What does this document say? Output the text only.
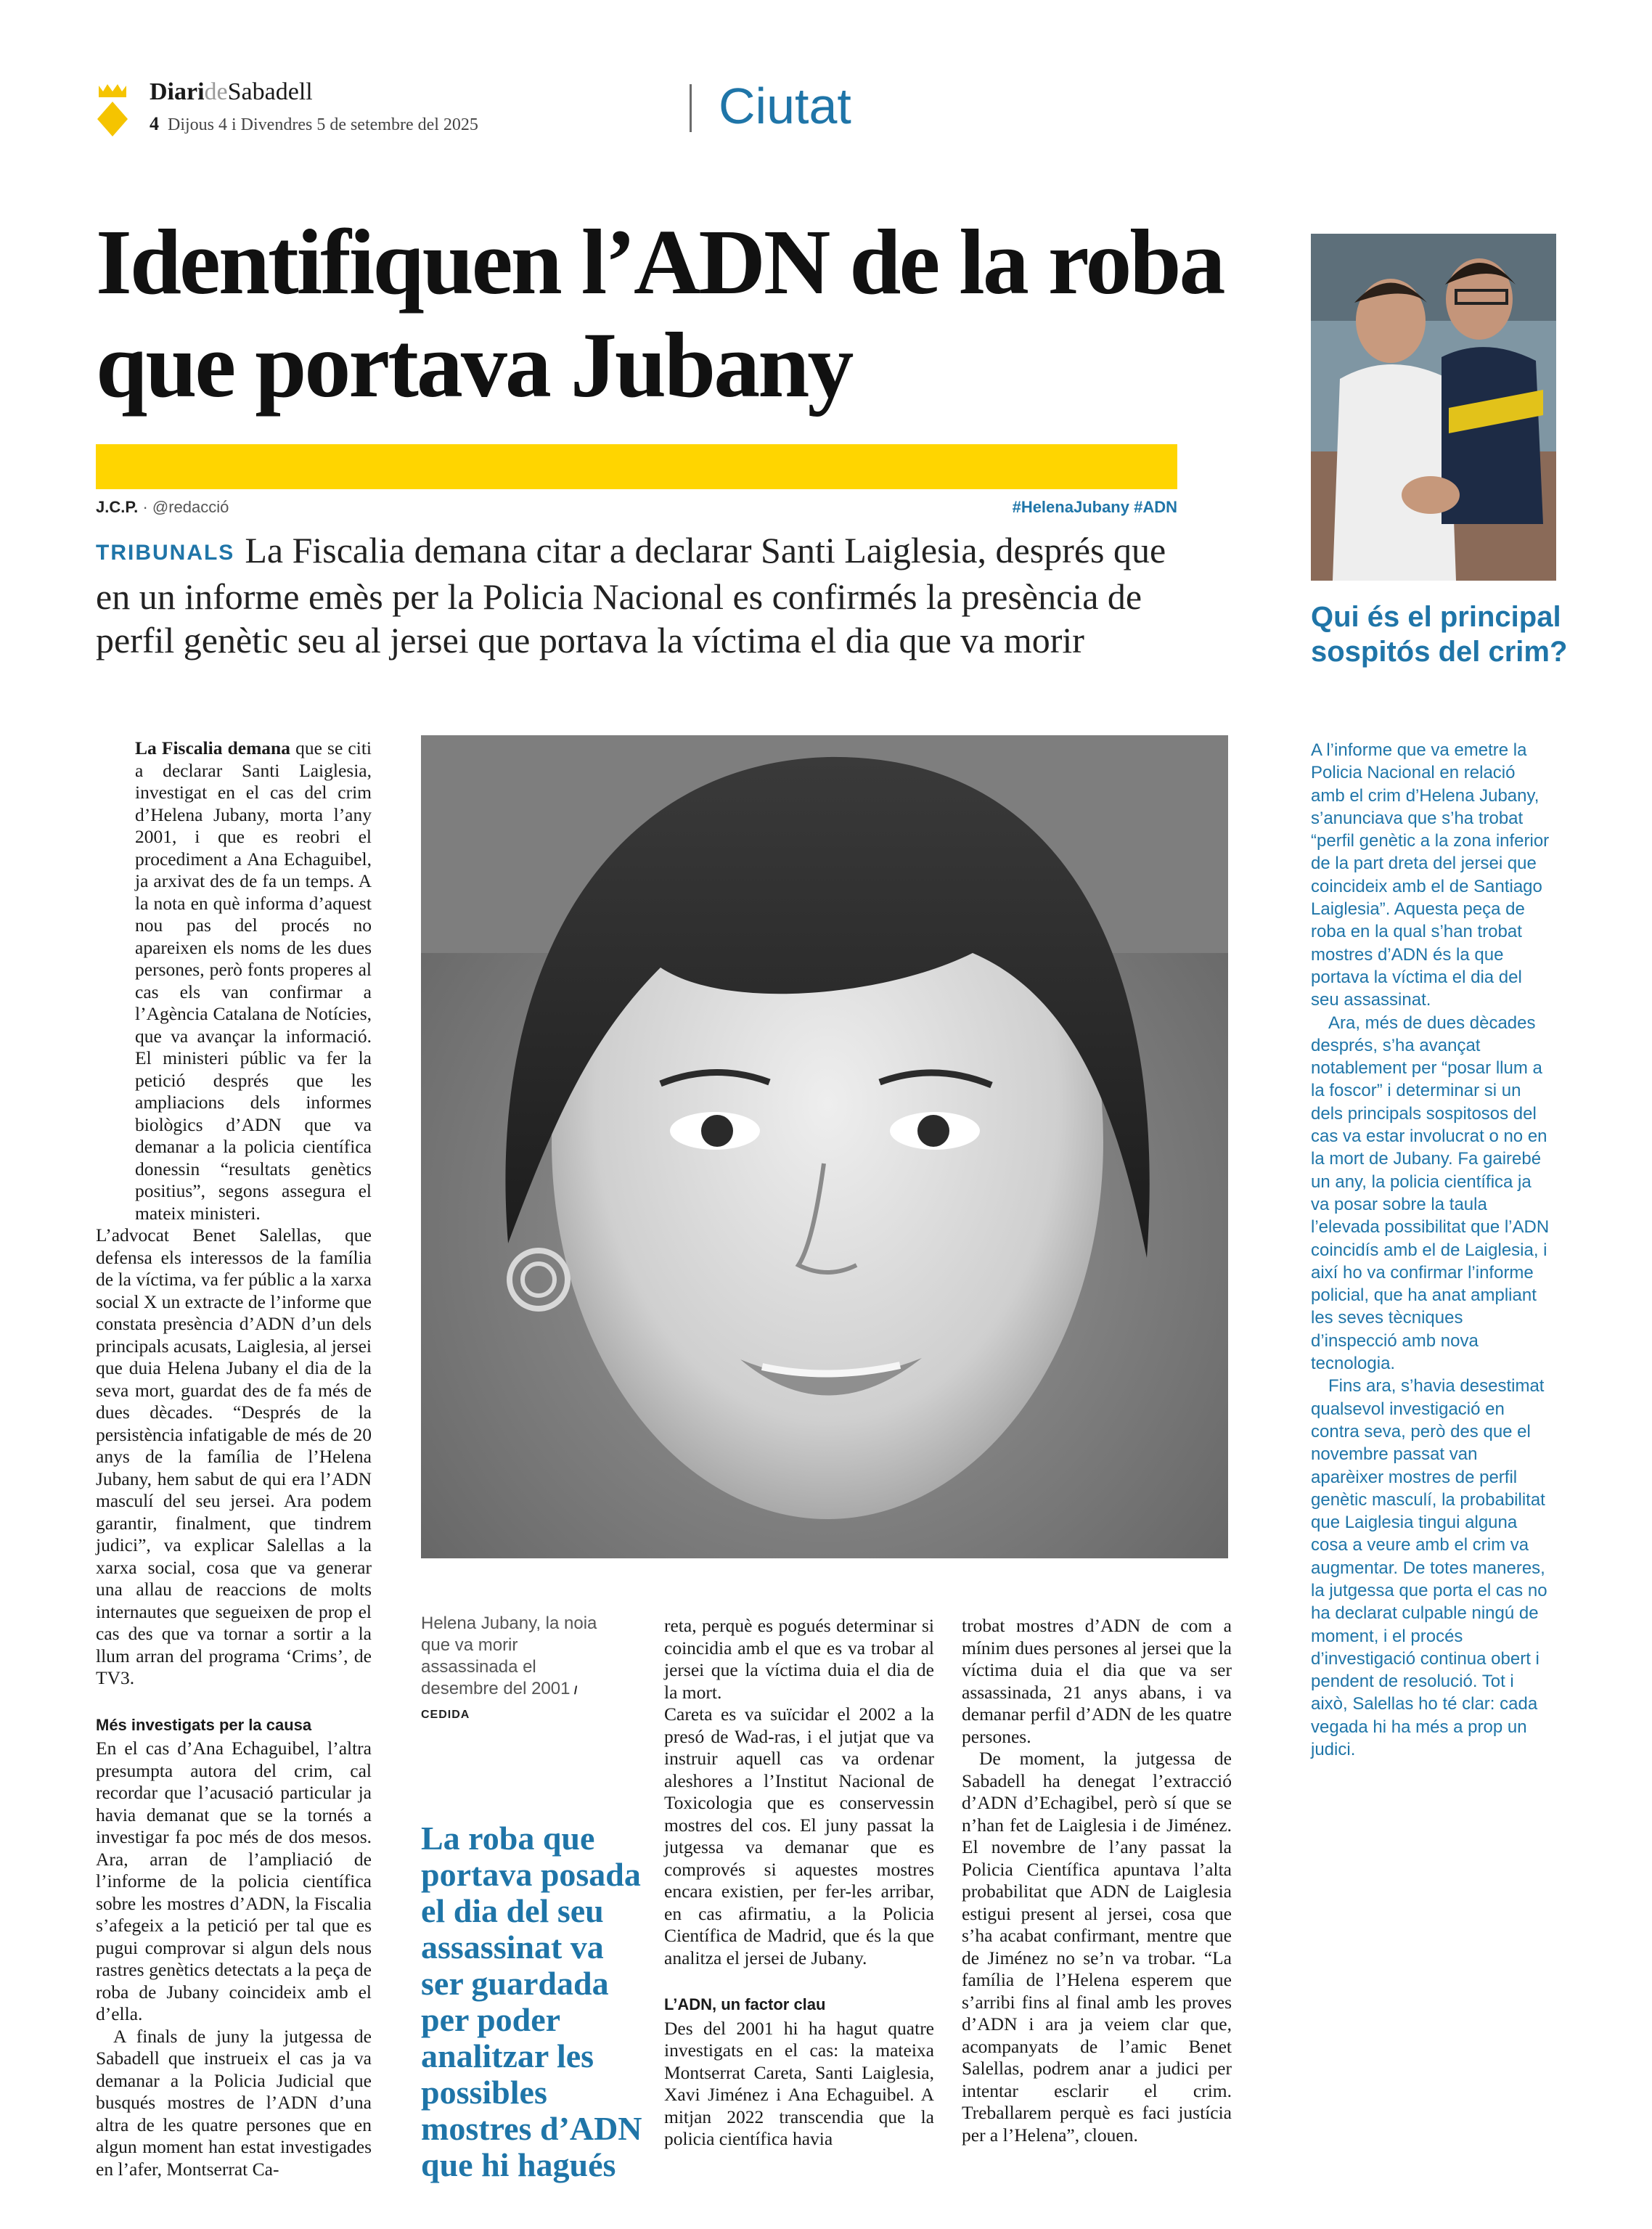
DiarideSabadell
4 Dijous 4 i Divendres 5 de setembre del 2025	Ciutat
Identifiquen l’ADN de la roba que portava Jubany
J.C.P. · @redacció	#HelenaJubany #ADN
TRIBUNALS La Fiscalia demana citar a declarar Santi Laiglesia, després que en un informe emès per la Policia Nacional es confirmés la presència de perfil genètic seu al jersei que portava la víctima el dia que va morir

La Fiscalia demana que se citi a declarar Santi Laiglesia, investigat en el cas del crim d’Helena Jubany, morta l’any 2001, i que es reobri el procediment a Ana Echaguibel, ja arxivat des de fa un temps. A la nota en què informa d’aquest nou pas del procés no apareixen els noms de les dues persones, però fonts properes al cas els van confirmar a l’Agència Catalana de Notícies, que va avançar la informació. El ministeri públic va fer la petició després que les ampliacions dels informes biològics d’ADN que va demanar a la policia científica donessin “resultats genètics positius”, segons assegura el mateix ministeri.

L’advocat Benet Salellas, que defensa els interessos de la família de la víctima, va fer públic a la xarxa social X un extracte de l’informe que constata presència d’ADN d’un dels principals acusats, Laiglesia, al jersei que duia Helena Jubany el dia de la seva mort, guardat des de fa més de dues dècades. “Després de la persistència infatigable de més de 20 anys de la família de l’Helena Jubany, hem sabut de qui era l’ADN masculí del seu jersei. Ara podem garantir, finalment, que tindrem judici”, va explicar Salellas a la xarxa social, cosa que va generar una allau de reaccions de molts internautes que segueixen de prop el cas des que va tornar a sortir a la llum arran del programa ‘Crims’, de TV3.

Més investigats per la causa

En el cas d’Ana Echaguibel, l’altra presumpta autora del crim, cal recordar que l’acusació particular ja havia demanat que se la tornés a investigar fa poc més de dos mesos. Ara, arran de l’ampliació de l’informe de la policia científica sobre les mostres d’ADN, la Fiscalia s’afegeix a la petició per tal que es pugui comprovar si algun dels nous rastres genètics detectats a la peça de roba de Jubany coincideix amb el d’ella.

A finals de juny la jutgessa de Sabadell que instrueix el cas ja va demanar a la Policia Judicial que busqués mostres de l’ADN d’una altra de les quatre persones que en algun moment han estat investigades en l’afer, Montserrat Ca-

Helena Jubany, la noia que va morir assassinada el desembre del 2001 / CEDIDA
La roba que portava posada el dia del seu assassinat va ser guardada per poder analitzar les possibles mostres d’ADN que hi hagués

reta, perquè es pogués determinar si coincidia amb el que es va trobar al jersei que la víctima duia el dia de la mort.

Careta es va suïcidar el 2002 a la presó de Wad-ras, i el jutjat que va instruir aquell cas va ordenar aleshores a l’Institut Nacional de Toxicologia que es conservessin mostres del cos. El juny passat la jutgessa va demanar que es comprovés si aquestes mostres encara existien, per fer-les arribar, en cas afirmatiu, a la Policia Científica de Madrid, que és la que analitza el jersei de Jubany.

L’ADN, un factor clau

Des del 2001 hi ha hagut quatre investigats en el cas: la mateixa Montserrat Careta, Santi Laiglesia, Xavi Jiménez i Ana Echaguibel. A mitjan 2022 transcendia que la policia científica havia

trobat mostres d’ADN de com a mínim dues persones al jersei que la víctima duia el dia que va ser assassinada, 21 anys abans, i va demanar perfil d’ADN de les quatre persones.

De moment, la jutgessa de Sabadell ha denegat l’extracció d’ADN d’Echagibel, però sí que se n’han fet de Laiglesia i de Jiménez. El novembre de l’any passat la Policia Científica apuntava l’alta probabilitat que ADN de Laiglesia estigui present al jersei, cosa que s’ha acabat confirmant, mentre que de Jiménez no se’n va trobar. “La família de l’Helena esperem que s’arribi fins al final amb les proves d’ADN i ara ja veiem clar que, acompanyats de l’amic Benet Salellas, podrem anar a judici per intentar esclarir el crim. Treballarem perquè es faci justícia per a l’Helena”, clouen.

Qui és el principal sospitós del crim?

A l’informe que va emetre la Policia Nacional en relació amb el crim d’Helena Jubany, s’anunciava que s’ha trobat “perfil genètic a la zona inferior de la part dreta del jersei que coincideix amb el de Santiago Laiglesia”. Aquesta peça de roba en la qual s’han trobat mostres d’ADN és la que portava la víctima el dia del seu assassinat.

Ara, més de dues dècades després, s’ha avançat notablement per “posar llum a la foscor” i determinar si un dels principals sospitosos del cas va estar involucrat o no en la mort de Jubany. Fa gairebé un any, la policia científica ja va posar sobre la taula l’elevada possibilitat que l’ADN coincidís amb el de Laiglesia, i així ho va confirmar l’informe policial, que ha anat ampliant les seves tècniques d’inspecció amb nova tecnologia.

Fins ara, s’havia desestimat qualsevol investigació en contra seva, però des que el novembre passat van aparèixer mostres de perfil genètic masculí, la probabilitat que Laiglesia tingui alguna cosa a veure amb el crim va augmentar. De totes maneres, la jutgessa que porta el cas no ha declarat culpable ningú de moment, i el procés d’investigació continua obert i pendent de resolució. Tot i això, Salellas ho té clar: cada vegada hi ha més a prop un judici.
